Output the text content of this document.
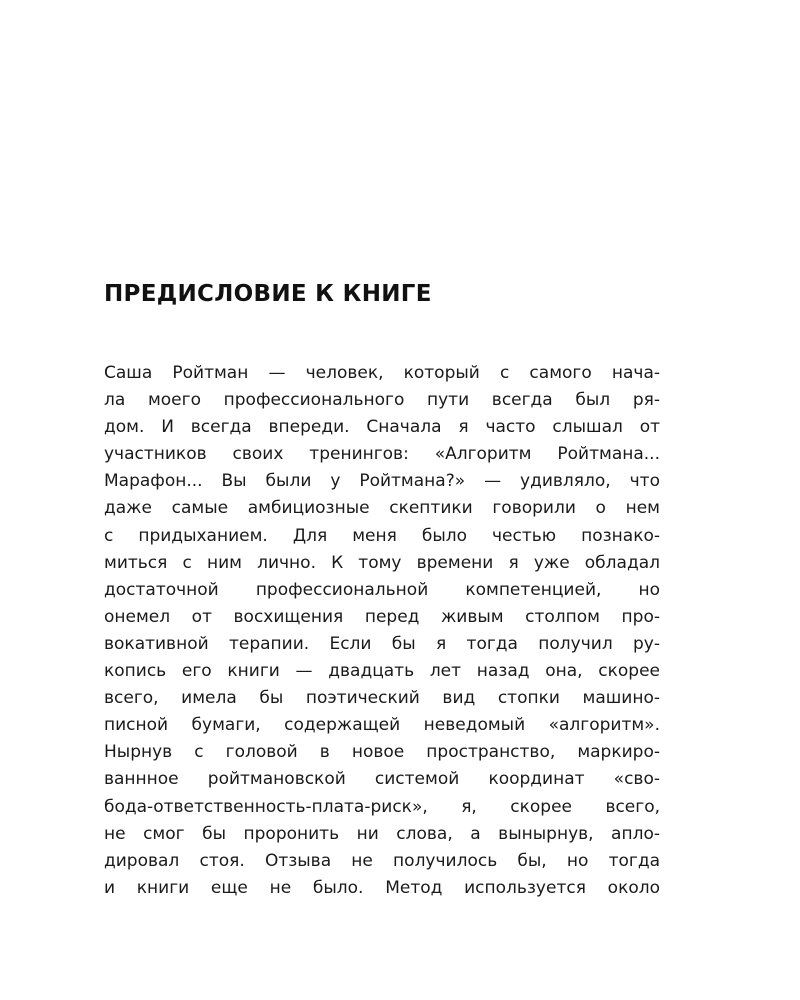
ПРЕДИСЛОВИЕ К КНИГЕ
Саша Ройтман — человек, который с самого нача-
ла моего профессионального пути всегда был ря-
дом. И всегда впереди. Сначала я часто слышал от
участников своих тренингов: «Алгоритм Ройтмана...
Марафон... Вы были у Ройтмана?» — удивляло, что
даже самые амбициозные скептики говорили о нем
с придыханием. Для меня было честью познако-
миться с ним лично. К тому времени я уже обладал
достаточной профессиональной компетенцией, но
онемел от восхищения перед живым столпом про-
вокативной терапии. Если бы я тогда получил ру-
копись его книги — двадцать лет назад она, скорее
всего, имела бы поэтический вид стопки машино-
писной бумаги, содержащей неведомый «алгоритм».
Нырнув с головой в новое пространство, маркиро-
ваннное ройтмановской системой координат «сво-
бода-ответственность-плата-риск», я, скорее всего,
не смог бы проронить ни слова, а вынырнув, апло-
дировал стоя. Отзыва не получилось бы, но тогда
и книги еще не было. Метод используется около
